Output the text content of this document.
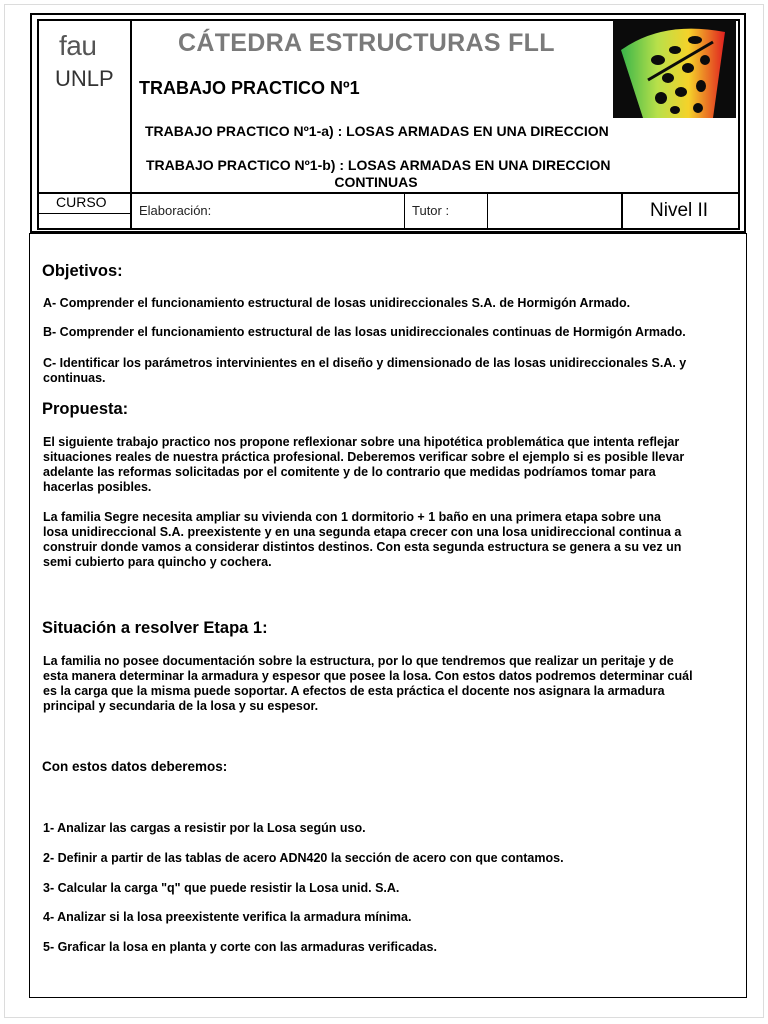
fau
UNLP
CÁTEDRA ESTRUCTURAS FLL
TRABAJO PRACTICO Nº1
TRABAJO PRACTICO Nº1-a) : LOSAS ARMADAS EN UNA DIRECCION
TRABAJO PRACTICO Nº1-b) : LOSAS ARMADAS EN UNA DIRECCION
CONTINUAS
CURSO
Elaboración:	Tutor :	Nivel II
Objetivos:
A- Comprender el funcionamiento estructural de losas unidireccionales S.A. de Hormigón Armado.
B- Comprender el funcionamiento estructural de las losas unidireccionales continuas de Hormigón Armado.
C- Identificar los parámetros intervinientes en el diseño y dimensionado de las losas unidireccionales S.A. y
continuas.
Propuesta:
El siguiente trabajo practico nos propone reflexionar sobre una hipotética problemática que intenta reflejar
situaciones reales de nuestra práctica profesional. Deberemos verificar sobre el ejemplo si es posible llevar
adelante las reformas solicitadas por el comitente y de lo contrario que medidas podríamos tomar para
hacerlas posibles.
La familia Segre necesita ampliar su vivienda con 1 dormitorio + 1 baño en una primera etapa sobre una
losa unidireccional S.A. preexistente y en una segunda etapa crecer con una losa unidireccional continua a
construir donde vamos a considerar distintos destinos. Con esta segunda estructura se genera a su vez un
semi cubierto para quincho y cochera.
Situación a resolver Etapa 1:
La familia no posee documentación sobre la estructura, por lo que tendremos que realizar un peritaje y de
esta manera determinar la armadura y espesor que posee la losa. Con estos datos podremos determinar cuál
es la carga que la misma puede soportar. A efectos de esta práctica el docente nos asignara la armadura
principal y secundaria de la losa y su espesor.
Con estos datos deberemos:
1- Analizar las cargas a resistir por la Losa según uso.
2- Definir a partir de las tablas de acero ADN420 la sección de acero con que contamos.
3- Calcular la carga "q" que puede resistir la Losa unid. S.A.
4- Analizar si la losa preexistente verifica la armadura mínima.
5- Graficar la losa en planta y corte con las armaduras verificadas.
